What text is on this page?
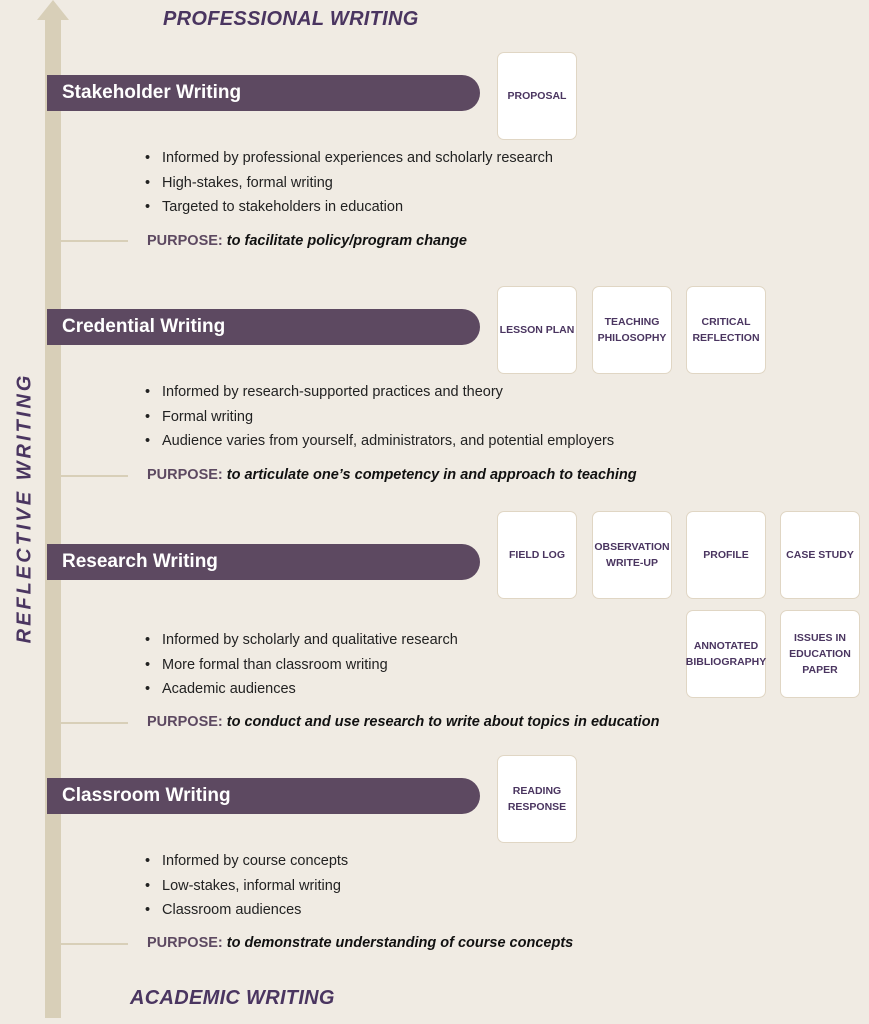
PROFESSIONAL WRITING
ACADEMIC WRITING
REFLECTIVE WRITING
Stakeholder Writing
• Informed by professional experiences and scholarly research
• High-stakes, formal writing
• Targeted to stakeholders in education
PURPOSE: to facilitate policy/program change
PROPOSAL
Credential Writing
• Informed by research-supported practices and theory
• Formal writing
• Audience varies from yourself, administrators, and potential employers
PURPOSE: to articulate one’s competency in and approach to teaching
LESSON PLAN
TEACHING
PHILOSOPHY
CRITICAL
REFLECTION
Research Writing
• Informed by scholarly and qualitative research
• More formal than classroom writing
• Academic audiences
PURPOSE: to conduct and use research to write about topics in education
FIELD LOG
OBSERVATION
WRITE-UP
PROFILE	CASE STUDY
ANNOTATED
BIBLIOGRAPHY
ISSUES IN
EDUCATION
PAPER
Classroom Writing
• Informed by course concepts
• Low-stakes, informal writing
• Classroom audiences
PURPOSE: to demonstrate understanding of course concepts
READING
RESPONSE
